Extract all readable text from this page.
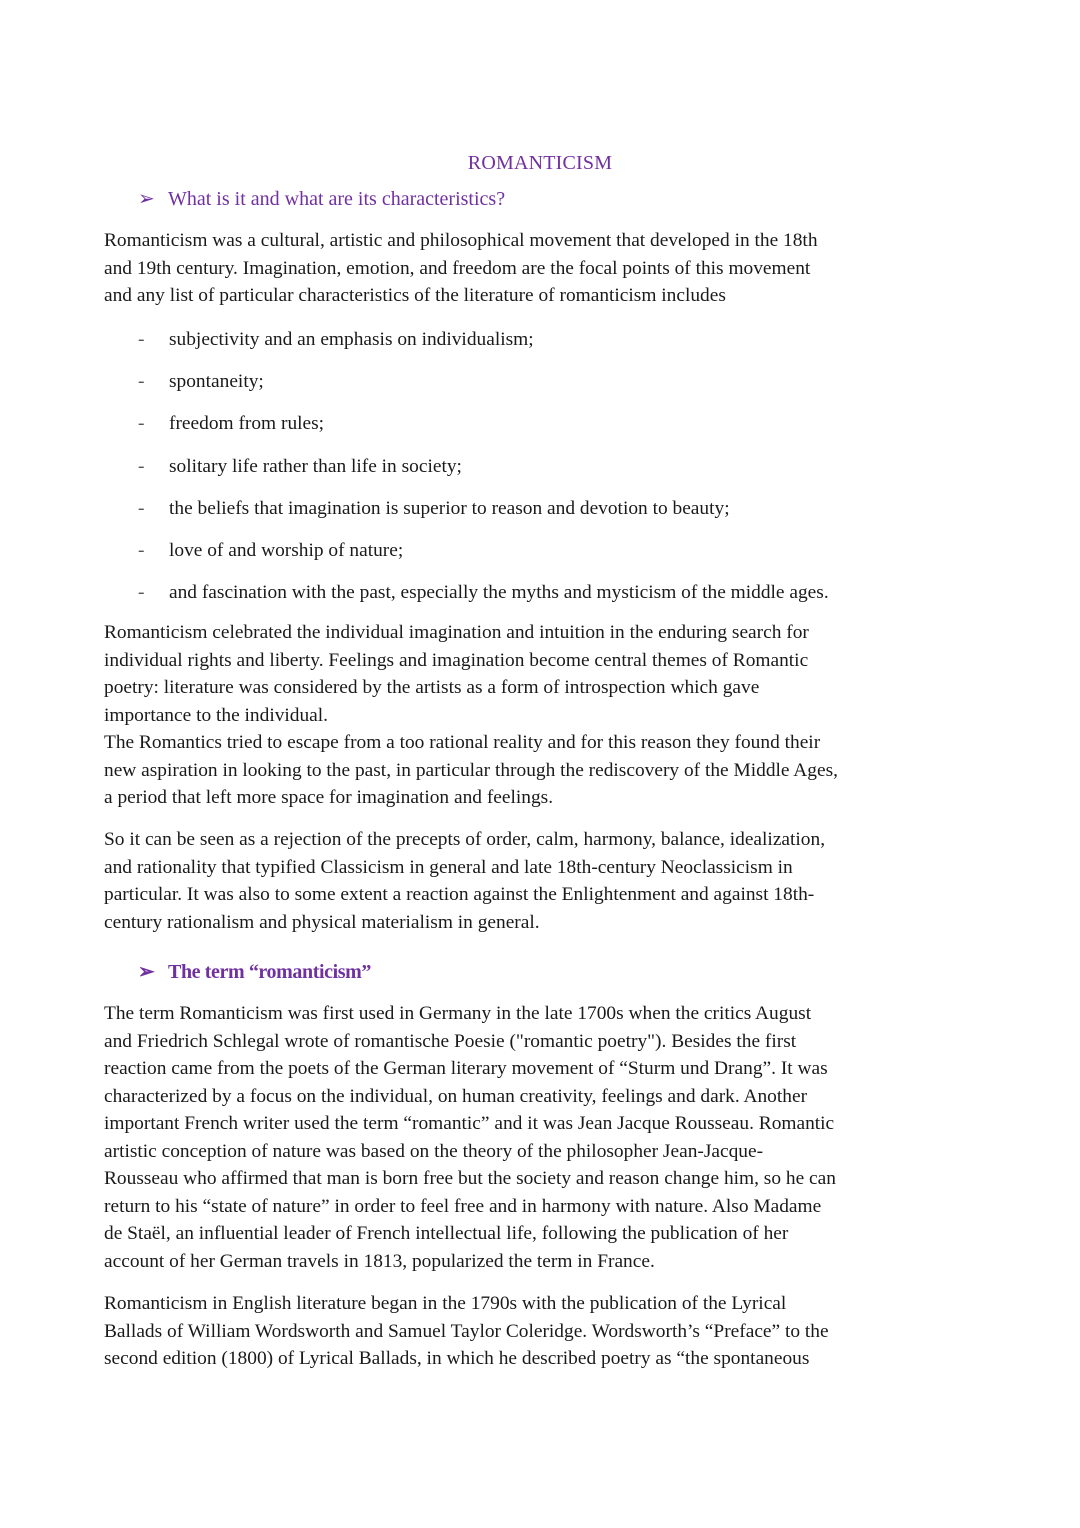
ROMANTICISM
➢ What is it and what are its characteristics?

Romanticism was a cultural, artistic and philosophical movement that developed in the 18th
and 19th century. Imagination, emotion, and freedom are the focal points of this movement
and any list of particular characteristics of the literature of romanticism includes

- subjectivity and an emphasis on individualism;
- spontaneity;
- freedom from rules;
- solitary life rather than life in society;
- the beliefs that imagination is superior to reason and devotion to beauty;
- love of and worship of nature;
- and fascination with the past, especially the myths and mysticism of the middle ages.

Romanticism celebrated the individual imagination and intuition in the enduring search for
individual rights and liberty. Feelings and imagination become central themes of Romantic
poetry: literature was considered by the artists as a form of introspection which gave
importance to the individual.
The Romantics tried to escape from a too rational reality and for this reason they found their
new aspiration in looking to the past, in particular through the rediscovery of the Middle Ages,
a period that left more space for imagination and feelings.

So it can be seen as a rejection of the precepts of order, calm, harmony, balance, idealization,
and rationality that typified Classicism in general and late 18th-century Neoclassicism in
particular. It was also to some extent a reaction against the Enlightenment and against 18th-
century rationalism and physical materialism in general.

➢ The term “romanticism”

The term Romanticism was first used in Germany in the late 1700s when the critics August
and Friedrich Schlegal wrote of romantische Poesie ("romantic poetry"). Besides the first
reaction came from the poets of the German literary movement of “Sturm und Drang”. It was
characterized by a focus on the individual, on human creativity, feelings and dark. Another
important French writer used the term “romantic” and it was Jean Jacque Rousseau. Romantic
artistic conception of nature was based on the theory of the philosopher Jean-Jacque-
Rousseau who affirmed that man is born free but the society and reason change him, so he can
return to his “state of nature” in order to feel free and in harmony with nature. Also Madame
de Staël, an influential leader of French intellectual life, following the publication of her
account of her German travels in 1813, popularized the term in France.

Romanticism in English literature began in the 1790s with the publication of the Lyrical
Ballads of William Wordsworth and Samuel Taylor Coleridge. Wordsworth’s “Preface” to the
second edition (1800) of Lyrical Ballads, in which he described poetry as “the spontaneous
